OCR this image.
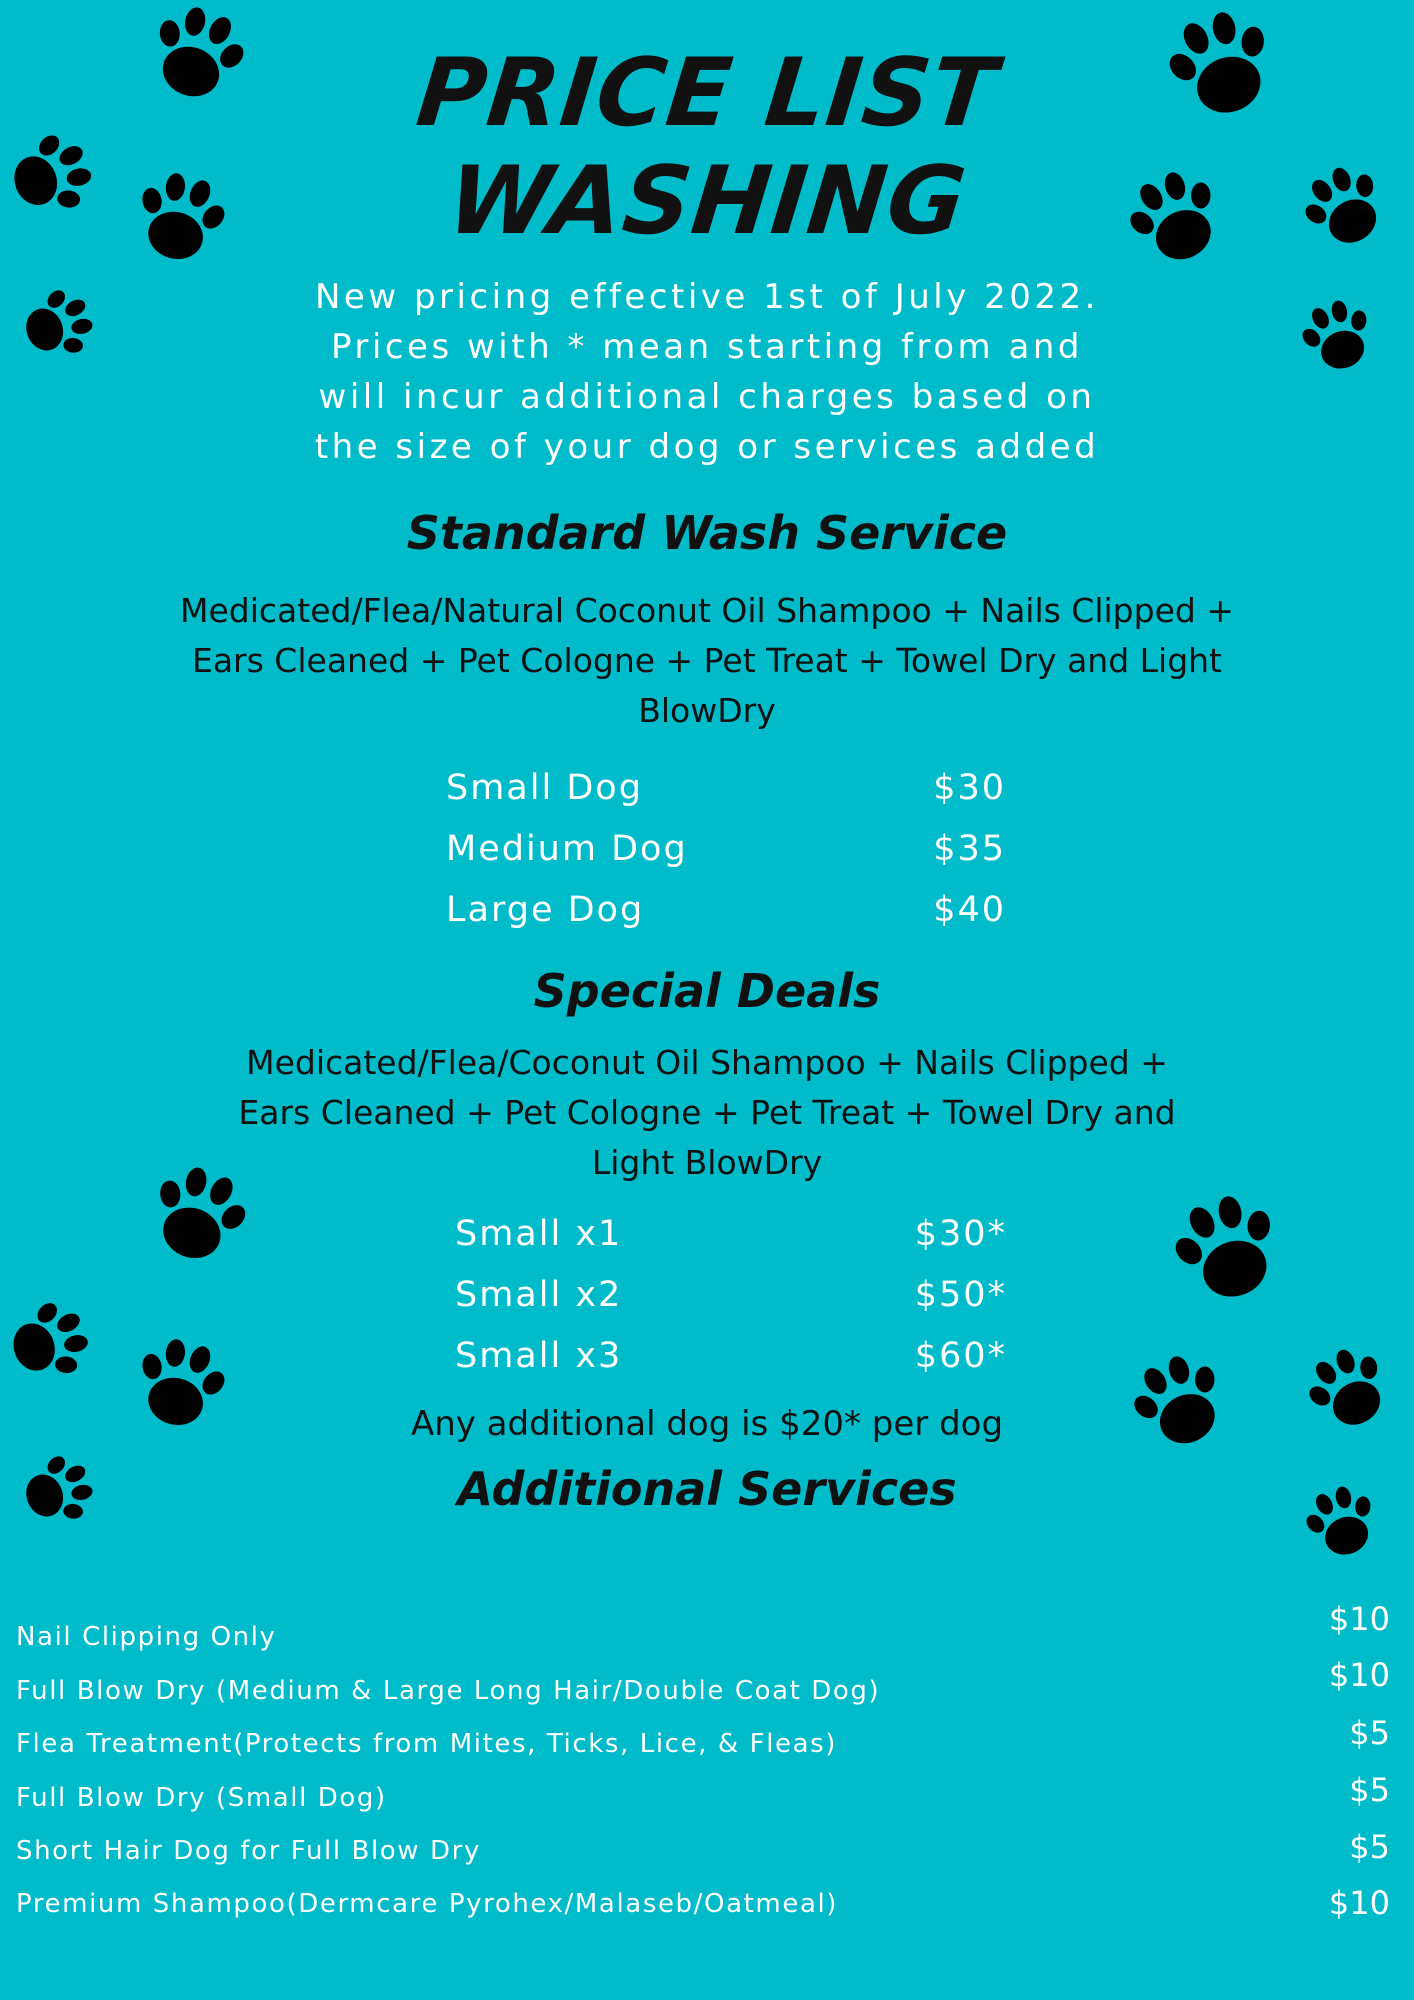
PRICE LIST
WASHING
New pricing effective 1st of July 2022.
Prices with * mean starting from and
will incur additional charges based on
the size of your dog or services added
Standard Wash Service
Medicated/Flea/Natural Coconut Oil Shampoo + Nails Clipped +
Ears Cleaned + Pet Cologne + Pet Treat + Towel Dry and Light
BlowDry
Small Dog	$30
Medium Dog	$35
Large Dog	$40
Special Deals
Medicated/Flea/Coconut Oil Shampoo + Nails Clipped +
Ears Cleaned + Pet Cologne + Pet Treat + Towel Dry and
Light BlowDry
Small x1	$30*
Small x2	$50*
Small x3	$60*
Any additional dog is $20* per dog
Additional Services
Nail Clipping Only	$10
Full Blow Dry (Medium & Large Long Hair/Double Coat Dog)	$10
Flea Treatment(Protects from Mites, Ticks, Lice, & Fleas)	$5
Full Blow Dry (Small Dog)	$5
Short Hair Dog for Full Blow Dry	$5
Premium Shampoo(Dermcare Pyrohex/Malaseb/Oatmeal)	$10
